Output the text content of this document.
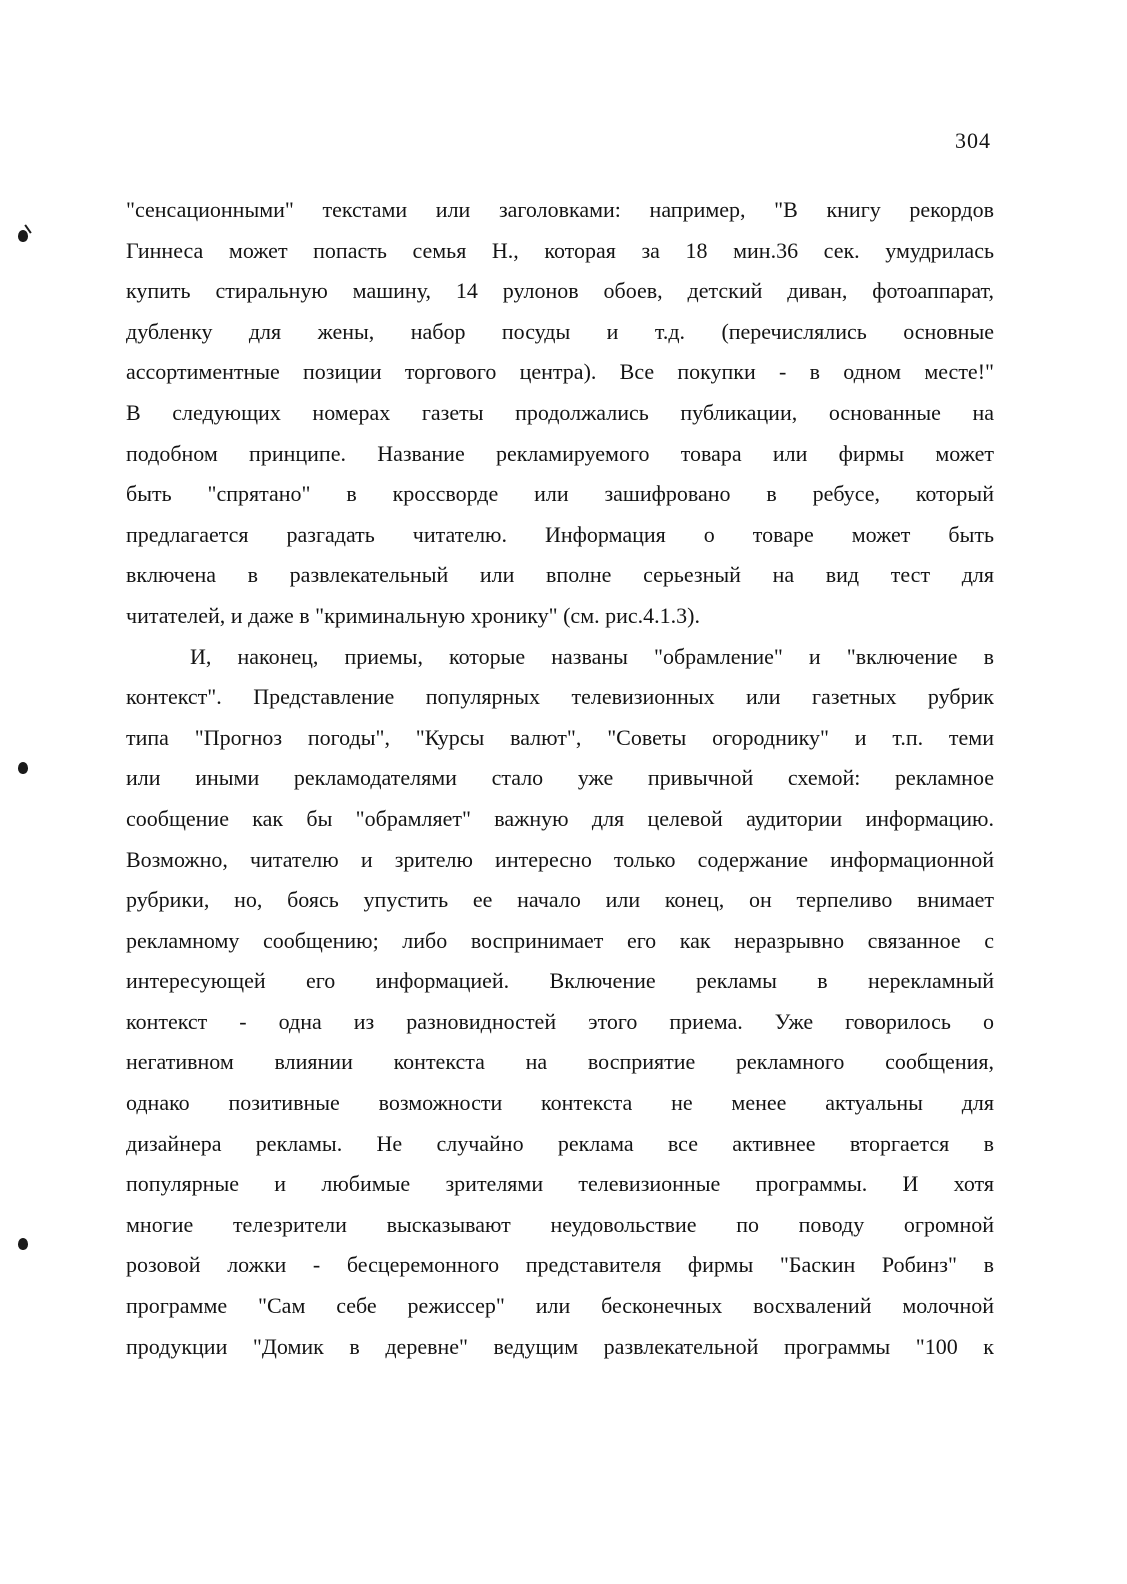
304
"сенсационными" текстами или заголовками: например, "В книгу рекордов
Гиннеса может попасть семья Н., которая за 18 мин.36 сек. умудрилась
купить стиральную машину, 14 рулонов обоев, детский диван, фотоаппарат,
дубленку для жены, набор посуды и т.д. (перечислялись основные
ассортиментные позиции торгового центра). Все покупки - в одном месте!"
В следующих номерах газеты продолжались публикации, основанные на
подобном принципе. Название рекламируемого товара или фирмы может
быть "спрятано" в кроссворде или зашифровано в ребусе, который
предлагается разгадать читателю. Информация о товаре может быть
включена в развлекательный или вполне серьезный на вид тест для
читателей, и даже в "криминальную хронику" (см. рис.4.1.3).
И, наконец, приемы, которые названы "обрамление" и "включение в
контекст". Представление популярных телевизионных или газетных рубрик
типа "Прогноз погоды", "Курсы валют", "Советы огороднику" и т.п. теми
или иными рекламодателями стало уже привычной схемой: рекламное
сообщение как бы "обрамляет" важную для целевой аудитории информацию.
Возможно, читателю и зрителю интересно только содержание информационной
рубрики, но, боясь упустить ее начало или конец, он терпеливо внимает
рекламному сообщению; либо воспринимает его как неразрывно связанное с
интересующей его информацией. Включение рекламы в нерекламный
контекст - одна из разновидностей этого приема. Уже говорилось о
негативном влиянии контекста на восприятие рекламного сообщения,
однако позитивные возможности контекста не менее актуальны для
дизайнера рекламы. Не случайно реклама все активнее вторгается в
популярные и любимые зрителями телевизионные программы. И хотя
многие телезрители высказывают неудовольствие по поводу огромной
розовой ложки - бесцеремонного представителя фирмы "Баскин Робинз" в
программе "Сам себе режиссер" или бесконечных восхвалений молочной
продукции "Домик в деревне" ведущим развлекательной программы "100 к
